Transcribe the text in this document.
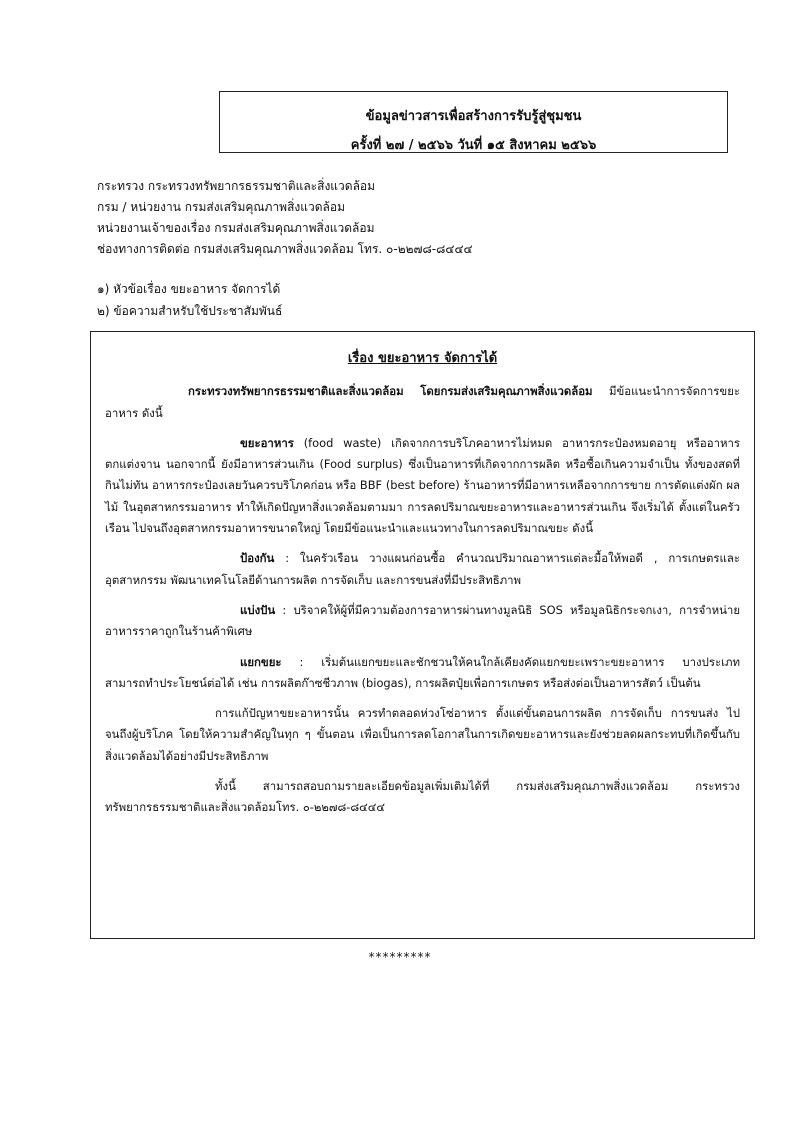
ข้อมูลข่าวสารเพื่อสร้างการรับรู้สู่ชุมชน
ครั้งที่ ๒๗ / ๒๕๖๖ วันที่ ๑๕ สิงหาคม ๒๕๖๖
กระทรวง กระทรวงทรัพยากรธรรมชาติและสิ่งแวดล้อม
กรม / หน่วยงาน กรมส่งเสริมคุณภาพสิ่งแวดล้อม
หน่วยงานเจ้าของเรื่อง กรมส่งเสริมคุณภาพสิ่งแวดล้อม
ช่องทางการติดต่อ กรมส่งเสริมคุณภาพสิ่งแวดล้อม โทร. ๐-๒๒๗๘-๘๔๔๔
๑) หัวข้อเรื่อง ขยะอาหาร จัดการได้
๒) ข้อความสำหรับใช้ประชาสัมพันธ์
เรื่อง ขยะอาหาร จัดการได้

กระทรวงทรัพยากรธรรมชาติและสิ่งแวดล้อม โดยกรมส่งเสริมคุณภาพสิ่งแวดล้อม มีข้อแนะนำการจัดการขยะอาหาร ดังนี้

ขยะอาหาร (food waste) เกิดจากการบริโภคอาหารไม่หมด อาหารกระป๋องหมดอายุ หรืออาหารตกแต่งจาน นอกจากนี้ ยังมีอาหารส่วนเกิน (Food surplus) ซึ่งเป็นอาหารที่เกิดจากการผลิต หรือซื้อเกินความจำเป็น ทั้งของสดที่กินไม่ทัน อาหารกระป๋องเลยวันควรบริโภคก่อน หรือ BBF (best before) ร้านอาหารที่มีอาหารเหลือจากการขาย การตัดแต่งผัก ผลไม้ ในอุตสาหกรรมอาหาร ทำให้เกิดปัญหาสิ่งแวดล้อมตามมา การลดปริมาณขยะอาหารและอาหารส่วนเกิน จึงเริ่มได้ ตั้งแต่ในครัวเรือน ไปจนถึงอุตสาหกรรมอาหารขนาดใหญ่ โดยมีข้อแนะนำและแนวทางในการลดปริมาณขยะ ดังนี้

ป้องกัน : ในครัวเรือน วางแผนก่อนซื้อ คำนวณปริมาณอาหารแต่ละมื้อให้พอดี , การเกษตรและอุตสาหกรรม พัฒนาเทคโนโลยีด้านการผลิต การจัดเก็บ และการขนส่งที่มีประสิทธิภาพ

แบ่งปัน : บริจาคให้ผู้ที่มีความต้องการอาหารผ่านทางมูลนิธิ SOS หรือมูลนิธิกระจกเงา, การจำหน่ายอาหารราคาถูกในร้านค้าพิเศษ

แยกขยะ : เริ่มต้นแยกขยะและชักชวนให้คนใกล้เคียงคัดแยกขยะเพราะขยะอาหาร บางประเภท สามารถทำประโยชน์ต่อได้ เช่น การผลิตก๊าซชีวภาพ (biogas), การผลิตปุ๋ยเพื่อการเกษตร หรือส่งต่อเป็นอาหารสัตว์ เป็นต้น

การแก้ปัญหาขยะอาหารนั้น ควรทำตลอดห่วงโซ่อาหาร ตั้งแต่ขั้นตอนการผลิต การจัดเก็บ การขนส่ง ไปจนถึงผู้บริโภค โดยให้ความสำคัญในทุก ๆ ขั้นตอน เพื่อเป็นการลดโอกาสในการเกิดขยะอาหารและยังช่วยลดผลกระทบที่เกิดขึ้นกับสิ่งแวดล้อมได้อย่างมีประสิทธิภาพ

ทั้งนี้ สามารถสอบถามรายละเอียดข้อมูลเพิ่มเติมได้ที่ กรมส่งเสริมคุณภาพสิ่งแวดล้อม กระทรวงทรัพยากรธรรมชาติและสิ่งแวดล้อมโทร. ๐-๒๒๗๘-๘๔๔๔

*********
